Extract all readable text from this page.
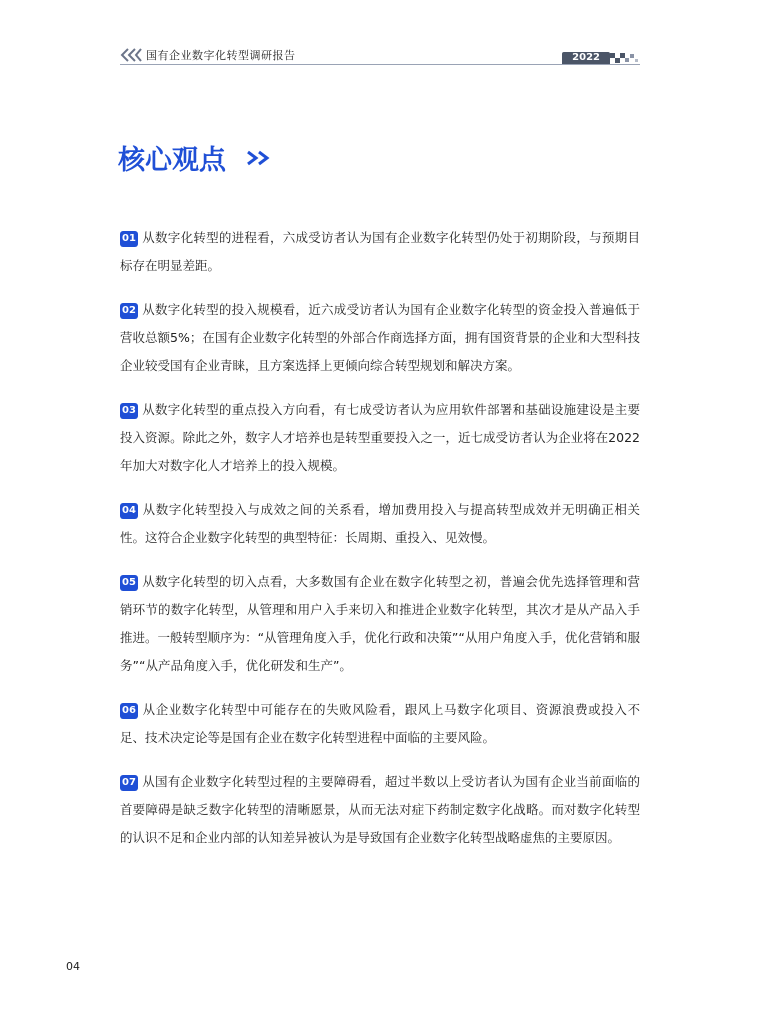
国有企业数字化转型调研报告	2022
核心观点

01 从数字化转型的进程看，六成受访者认为国有企业数字化转型仍处于初期阶段，与预期目标存在明显差距。

02 从数字化转型的投入规模看，近六成受访者认为国有企业数字化转型的资金投入普遍低于营收总额5%；在国有企业数字化转型的外部合作商选择方面，拥有国资背景的企业和大型科技企业较受国有企业青睐，且方案选择上更倾向综合转型规划和解决方案。

03 从数字化转型的重点投入方向看，有七成受访者认为应用软件部署和基础设施建设是主要投入资源。除此之外，数字人才培养也是转型重要投入之一，近七成受访者认为企业将在2022年加大对数字化人才培养上的投入规模。

04 从数字化转型投入与成效之间的关系看，增加费用投入与提高转型成效并无明确正相关性。这符合企业数字化转型的典型特征：长周期、重投入、见效慢。

05 从数字化转型的切入点看，大多数国有企业在数字化转型之初，普遍会优先选择管理和营销环节的数字化转型，从管理和用户入手来切入和推进企业数字化转型，其次才是从产品入手推进。一般转型顺序为：“从管理角度入手，优化行政和决策”“从用户角度入手，优化营销和服务”“从产品角度入手，优化研发和生产”。

06 从企业数字化转型中可能存在的失败风险看，跟风上马数字化项目、资源浪费或投入不足、技术决定论等是国有企业在数字化转型进程中面临的主要风险。

07 从国有企业数字化转型过程的主要障碍看，超过半数以上受访者认为国有企业当前面临的首要障碍是缺乏数字化转型的清晰愿景，从而无法对症下药制定数字化战略。而对数字化转型的认识不足和企业内部的认知差异被认为是导致国有企业数字化转型战略虚焦的主要原因。

04
